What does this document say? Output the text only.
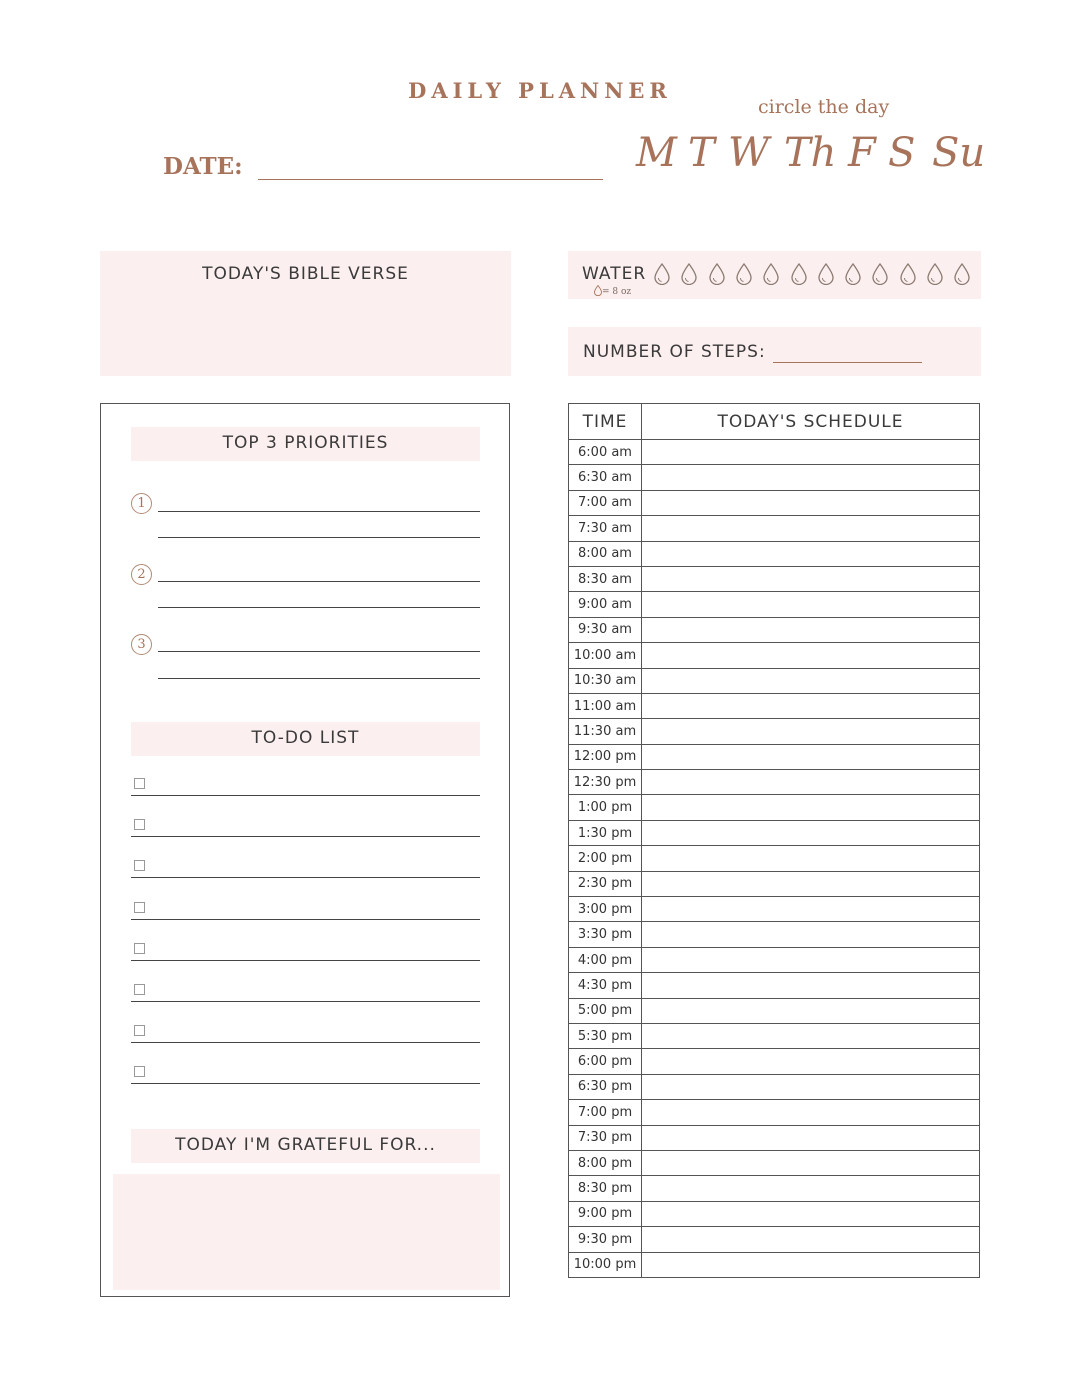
DAILY PLANNER
circle the day
DATE:	M T W Th F S Su
TODAY'S BIBLE VERSE	WATER
= 8 oz
NUMBER OF STEPS:
TOP 3 PRIORITIES
1
2
3
TO-DO LIST
TODAY I'M GRATEFUL FOR...
TIME	TODAY'S SCHEDULE
6:00 am	
6:30 am	
7:00 am	
7:30 am	
8:00 am	
8:30 am	
9:00 am	
9:30 am	
10:00 am	
10:30 am	
11:00 am	
11:30 am	
12:00 pm	
12:30 pm	
1:00 pm	
1:30 pm	
2:00 pm	
2:30 pm	
3:00 pm	
3:30 pm	
4:00 pm	
4:30 pm	
5:00 pm	
5:30 pm	
6:00 pm	
6:30 pm	
7:00 pm	
7:30 pm	
8:00 pm	
8:30 pm	
9:00 pm	
9:30 pm	
10:00 pm	
